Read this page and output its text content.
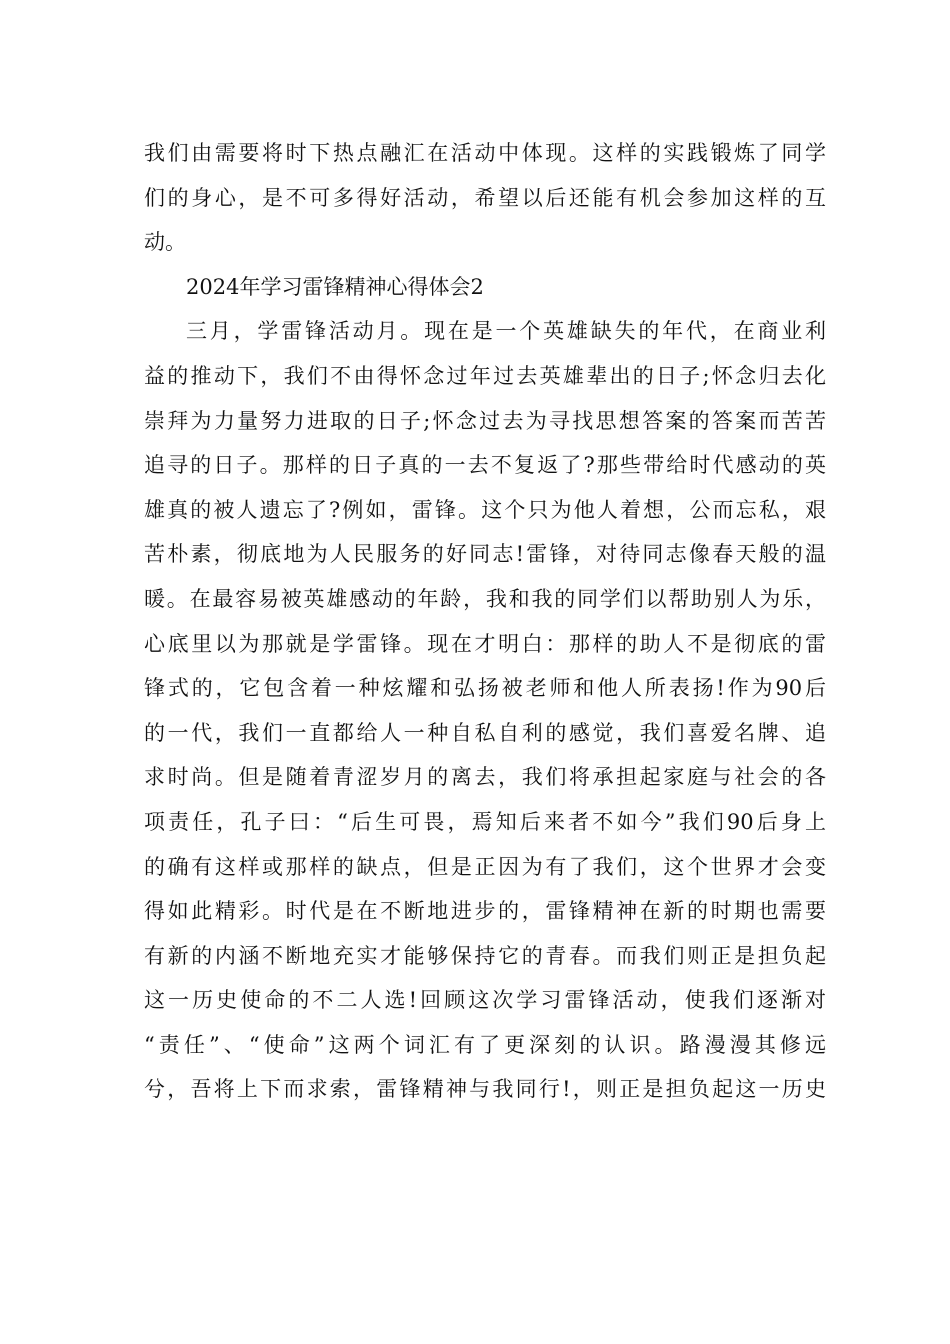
我们由需要将时下热点融汇在活动中体现。这样的实践锻炼了同学
们的身心，是不可多得好活动，希望以后还能有机会参加这样的互
动。
2024年学习雷锋精神心得体会2
三月，学雷锋活动月。现在是一个英雄缺失的年代，在商业利
益的推动下，我们不由得怀念过年过去英雄辈出的日子;怀念归去化
崇拜为力量努力进取的日子;怀念过去为寻找思想答案的答案而苦苦
追寻的日子。那样的日子真的一去不复返了?那些带给时代感动的英
雄真的被人遗忘了?例如，雷锋。这个只为他人着想，公而忘私，艰
苦朴素，彻底地为人民服务的好同志!雷锋，对待同志像春天般的温
暖。在最容易被英雄感动的年龄，我和我的同学们以帮助别人为乐，
心底里以为那就是学雷锋。现在才明白：那样的助人不是彻底的雷
锋式的，它包含着一种炫耀和弘扬被老师和他人所表扬!作为90后
的一代，我们一直都给人一种自私自利的感觉，我们喜爱名牌、追
求时尚。但是随着青涩岁月的离去，我们将承担起家庭与社会的各
项责任，孔子曰：“后生可畏，焉知后来者不如今”我们90后身上
的确有这样或那样的缺点，但是正因为有了我们，这个世界才会变
得如此精彩。时代是在不断地进步的，雷锋精神在新的时期也需要
有新的内涵不断地充实才能够保持它的青春。而我们则正是担负起
这一历史使命的不二人选!回顾这次学习雷锋活动，使我们逐渐对
“责任”、“使命”这两个词汇有了更深刻的认识。路漫漫其修远
兮，吾将上下而求索，雷锋精神与我同行!，则正是担负起这一历史
